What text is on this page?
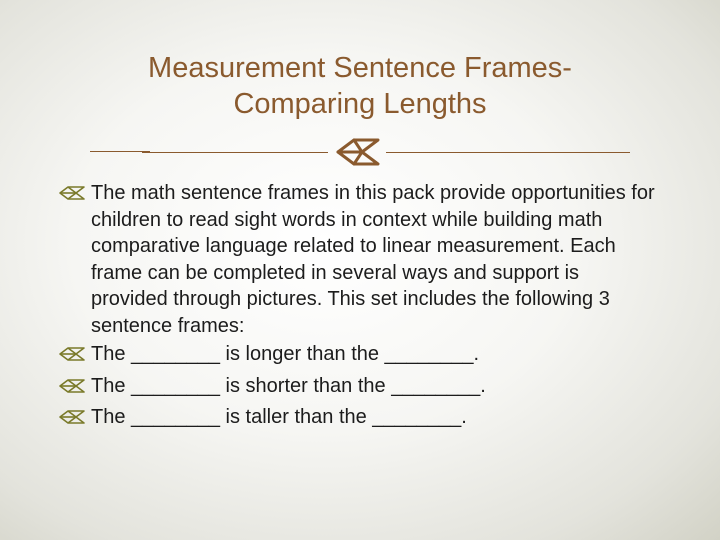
Measurement Sentence Frames-
Comparing Lengths
The math sentence frames in this pack provide opportunities for children to read sight words in context while building math comparative language related to linear measurement. Each frame can be completed in several ways and support is provided through pictures. This set includes the following 3 sentence frames:
The ________ is longer than the ________.
The ________ is shorter than the ________.
The ________ is taller than the ________.
